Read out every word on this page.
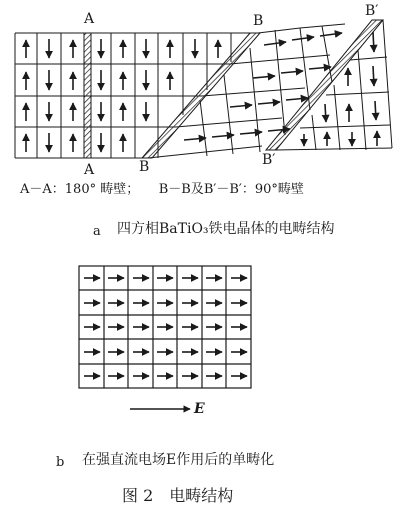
A
A
B
B
B′
B′
A－A：180° 畴壁；　　B－B及B′－B′：90°畴壁
a 四方相BaTiO₃铁电晶体的电畴结构
E
b 在强直流电场E作用后的单畴化
图 2　电畴结构
